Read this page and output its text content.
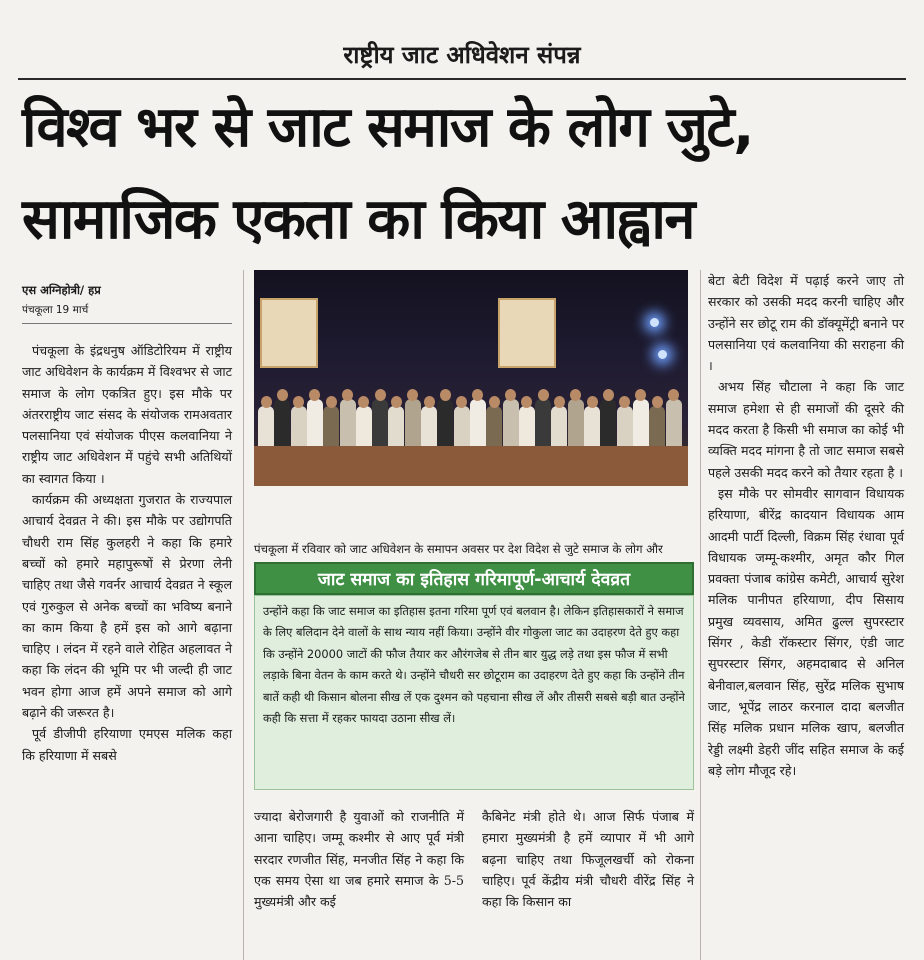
राष्ट्रीय जाट अधिवेशन संपन्न
विश्व भर से जाट समाज के लोग जुटे,
सामाजिक एकता का किया आह्वान
एस अग्निहोत्री/ हप्र
पंचकूला 19 मार्च

पंचकूला के इंद्रधनुष ऑडिटोरियम में राष्ट्रीय जाट अधिवेशन के कार्यक्रम में विश्वभर से जाट समाज के लोग एकत्रित हुए। इस मौके पर अंतरराष्ट्रीय जाट संसद के संयोजक रामअवतार पलसानिया एवं संयोजक पीएस कलवानिया ने राष्ट्रीय जाट अधिवेशन में पहुंचे सभी अतिथियों का स्वागत किया ।

कार्यक्रम की अध्यक्षता गुजरात के राज्यपाल आचार्य देवव्रत ने की। इस मौके पर उद्योगपति चौधरी राम सिंह कुलहरी ने कहा कि हमारे बच्चों को हमारे महापुरूषों से प्रेरणा लेनी चाहिए तथा जैसे गवर्नर आचार्य देवव्रत ने स्कूल एवं गुरुकुल से अनेक बच्चों का भविष्य बनाने का काम किया है हमें इस को आगे बढ़ाना चाहिए । लंदन में रहने वाले रोहित अहलावत ने कहा कि लंदन की भूमि पर भी जल्दी ही जाट भवन होगा आज हमें अपने समाज को आगे बढ़ाने की जरूरत है।

पूर्व डीजीपी हरियाणा एमएस मलिक कहा कि हरियाणा में सबसे

पंचकूला में रविवार को जाट अधिवेशन के समापन अवसर पर देश विदेश से जुटे समाज के लोग और
जाट समाज का इतिहास गरिमापूर्ण-आचार्य देवव्रत
उन्होंने कहा कि जाट समाज का इतिहास इतना गरिमा पूर्ण एवं बलवान है। लेकिन इतिहासकारों ने समाज के लिए बलिदान देने वालों के साथ न्याय नहीं किया। उन्होंने वीर गोकुला जाट का उदाहरण देते हुए कहा कि उन्होंने 20000 जाटों की फौज तैयार कर औरंगजेब से तीन बार युद्ध लड़े तथा इस फौज में सभी लड़ाके बिना वेतन के काम करते थे। उन्होंने चौधरी सर छोटूराम का उदाहरण देते हुए कहा कि उन्होंने तीन बातें कही थी किसान बोलना सीख लें एक दुश्मन को पहचाना सीख लें और तीसरी सबसे बड़ी बात उन्होंने कही कि सत्ता में रहकर फायदा उठाना सीख लें।

ज्यादा बेरोजगारी है युवाओं को राजनीति में आना चाहिए। जम्मू कश्मीर से आए पूर्व मंत्री सरदार रणजीत सिंह, मनजीत सिंह ने कहा कि एक समय ऐसा था जब हमारे समाज के 5-5 मुख्यमंत्री और कई

कैबिनेट मंत्री होते थे। आज सिर्फ पंजाब में हमारा मुख्यमंत्री है हमें व्यापार में भी आगे बढ़ना चाहिए तथा फिजूलखर्ची को रोकना चाहिए। पूर्व केंद्रीय मंत्री चौधरी वीरेंद्र सिंह ने कहा कि किसान का

बेटा बेटी विदेश में पढ़ाई करने जाए तो सरकार को उसकी मदद करनी चाहिए और उन्होंने सर छोटू राम की डॉक्यूमेंट्री बनाने पर पलसानिया एवं कलवानिया की सराहना की ।

अभय सिंह चौटाला ने कहा कि जाट समाज हमेशा से ही समाजों की दूसरे की मदद करता है किसी भी समाज का कोई भी व्यक्ति मदद मांगना है तो जाट समाज सबसे पहले उसकी मदद करने को तैयार रहता है ।

इस मौके पर सोमवीर सागवान विधायक हरियाणा, बीरेंद्र कादयान विधायक आम आदमी पार्टी दिल्ली, विक्रम सिंह रंधावा पूर्व विधायक जम्मू-कश्मीर, अमृत कौर गिल प्रवक्ता पंजाब कांग्रेस कमेटी, आचार्य सुरेश मलिक पानीपत हरियाणा, दीप सिसाय प्रमुख व्यवसाय, अमित ढुल्ल सुपरस्टार सिंगर , केडी रॉकस्टार सिंगर, एंडी जाट सुपरस्टार सिंगर, अहमदाबाद से अनिल बेनीवाल,बलवान सिंह, सुरेंद्र मलिक सुभाष जाट, भूपेंद्र लाठर करनाल दादा बलजीत सिंह मलिक प्रधान मलिक खाप, बलजीत रेड्डी लक्ष्मी डेहरी जींद सहित समाज के कई बड़े लोग मौजूद रहे।
